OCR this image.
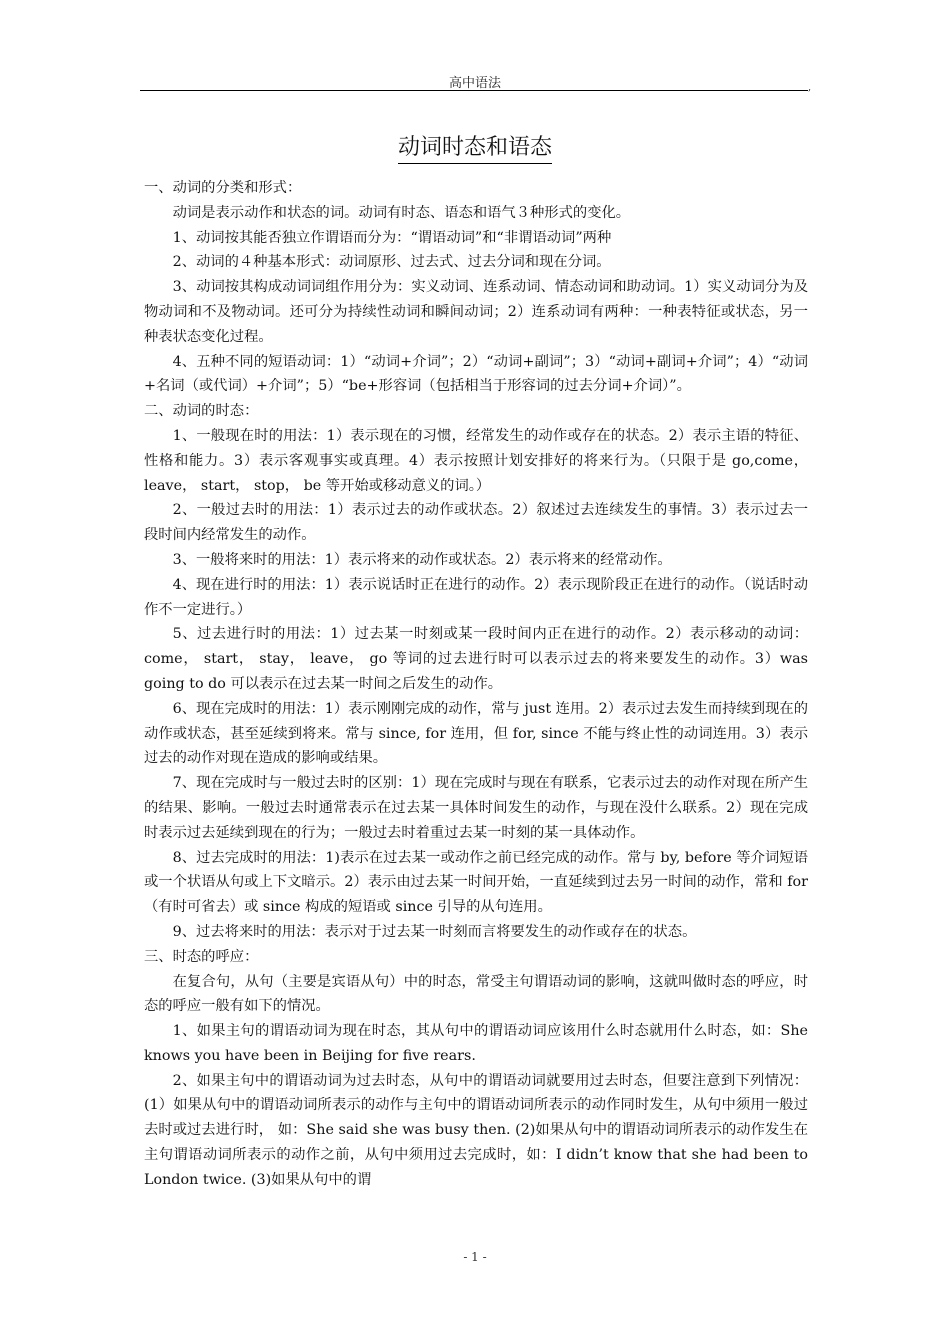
高中语法	,
动词时态和语态

一、动词的分类和形式：

动词是表示动作和状态的词。动词有时态、语态和语气３种形式的变化。

1、动词按其能否独立作谓语而分为：“谓语动词”和“非谓语动词”两种

2、动词的４种基本形式：动词原形、过去式、过去分词和现在分词。

3、动词按其构成动词词组作用分为：实义动词、连系动词、情态动词和助动词。1）实义动词分为及物动词和不及物动词。还可分为持续性动词和瞬间动词；2）连系动词有两种：一种表特征或状态，另一种表状态变化过程。

4、五种不同的短语动词：1）“动词+介词”；2）“动词+副词”；3）“动词+副词+介词”；4）“动词+名词（或代词）+介词”；5）“be+形容词（包括相当于形容词的过去分词+介词）”。

二、动词的时态：

1、一般现在时的用法：1）表示现在的习惯，经常发生的动作或存在的状态。2）表示主语的特征、性格和能力。3）表示客观事实或真理。4）表示按照计划安排好的将来行为。（只限于是 go,come， leave， start， stop， be 等开始或移动意义的词。）

2、一般过去时的用法：1）表示过去的动作或状态。2）叙述过去连续发生的事情。3）表示过去一段时间内经常发生的动作。

3、一般将来时的用法：1）表示将来的动作或状态。2）表示将来的经常动作。

4、现在进行时的用法：1）表示说话时正在进行的动作。2）表示现阶段正在进行的动作。（说话时动作不一定进行。）

5、过去进行时的用法：1）过去某一时刻或某一段时间内正在进行的动作。2）表示移动的动词：come， start， stay， leave， go 等词的过去进行时可以表示过去的将来要发生的动作。3）was going to do 可以表示在过去某一时间之后发生的动作。

6、现在完成时的用法：1）表示刚刚完成的动作，常与 just 连用。2）表示过去发生而持续到现在的动作或状态，甚至延续到将来。常与 since, for 连用，但 for, since 不能与终止性的动词连用。3）表示过去的动作对现在造成的影响或结果。

7、现在完成时与一般过去时的区别：1）现在完成时与现在有联系，它表示过去的动作对现在所产生的结果、影响。一般过去时通常表示在过去某一具体时间发生的动作，与现在没什么联系。2）现在完成时表示过去延续到现在的行为；一般过去时着重过去某一时刻的某一具体动作。

8、过去完成时的用法：1)表示在过去某一或动作之前已经完成的动作。常与 by, before 等介词短语或一个状语从句或上下文暗示。2）表示由过去某一时间开始，一直延续到过去另一时间的动作，常和 for（有时可省去）或 since 构成的短语或 since 引导的从句连用。

9、过去将来时的用法：表示对于过去某一时刻而言将要发生的动作或存在的状态。

三、时态的呼应：

在复合句，从句（主要是宾语从句）中的时态，常受主句谓语动词的影响，这就叫做时态的呼应，时态的呼应一般有如下的情况。

1、如果主句的谓语动词为现在时态，其从句中的谓语动词应该用什么时态就用什么时态，如：She knows you have been in Beijing for five rears.

2、如果主句中的谓语动词为过去时态，从句中的谓语动词就要用过去时态，但要注意到下列情况：(1）如果从句中的谓语动词所表示的动作与主句中的谓语动词所表示的动作同时发生，从句中须用一般过去时或过去进行时， 如：She said she was busy then. (2)如果从句中的谓语动词所表示的动作发生在主句谓语动词所表示的动作之前，从句中须用过去完成时，如：I didn’t know that she had been to London twice. (3)如果从句中的谓

- 1 -
